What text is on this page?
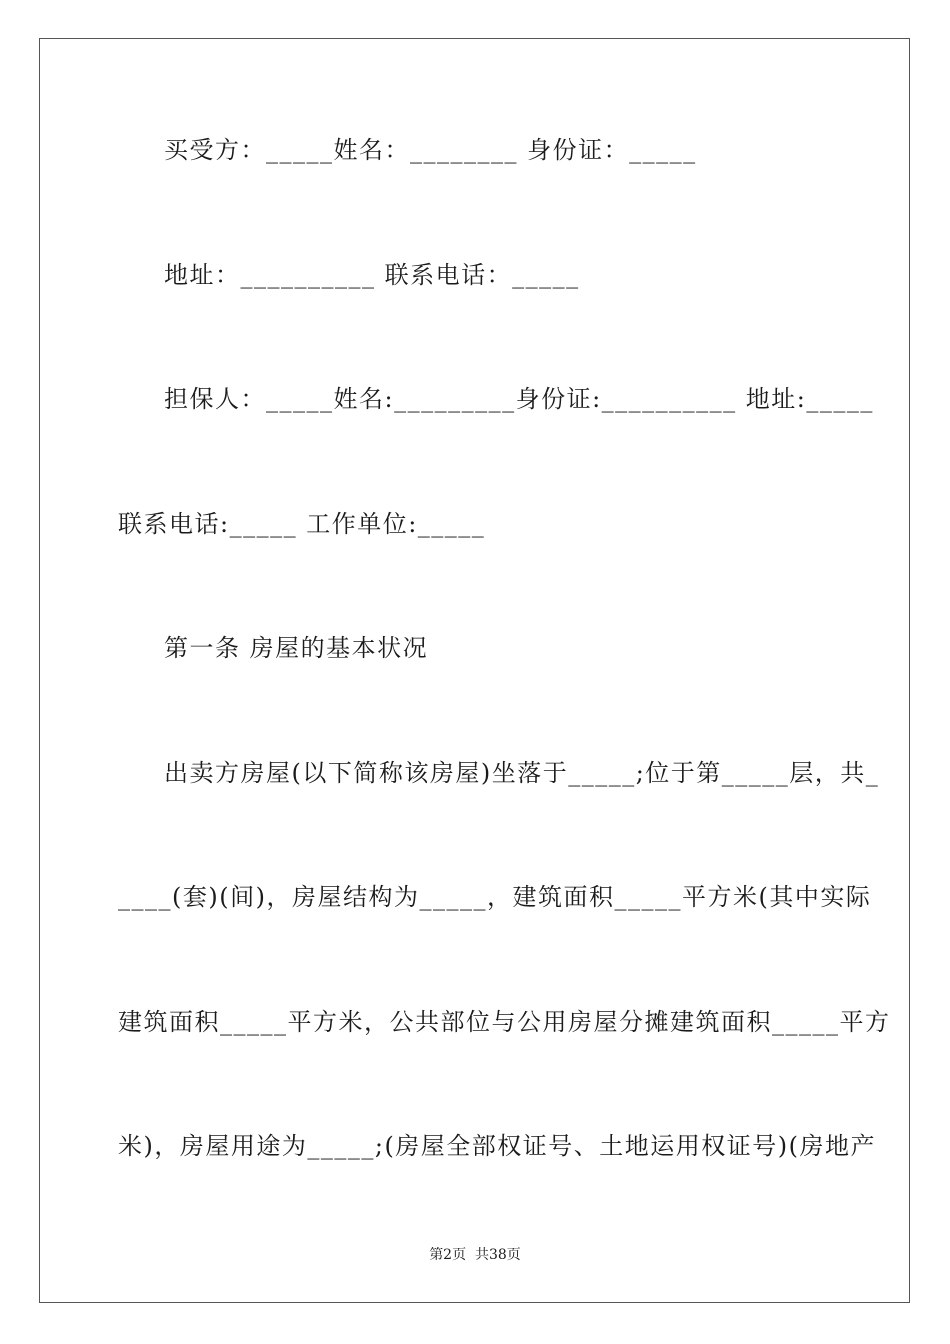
买受方：_____姓名：________ 身份证：_____
地址：__________ 联系电话：_____
担保人：_____姓名:_________身份证:__________ 地址:_____
联系电话:_____ 工作单位:_____
第一条 房屋的基本状况
出卖方房屋(以下简称该房屋)坐落于_____;位于第_____层，共_
____(套)(间)，房屋结构为_____，建筑面积_____平方米(其中实际
建筑面积_____平方米，公共部位与公用房屋分摊建筑面积_____平方
米)，房屋用途为_____;(房屋全部权证号、土地运用权证号)(房地产
第2页  共38页
